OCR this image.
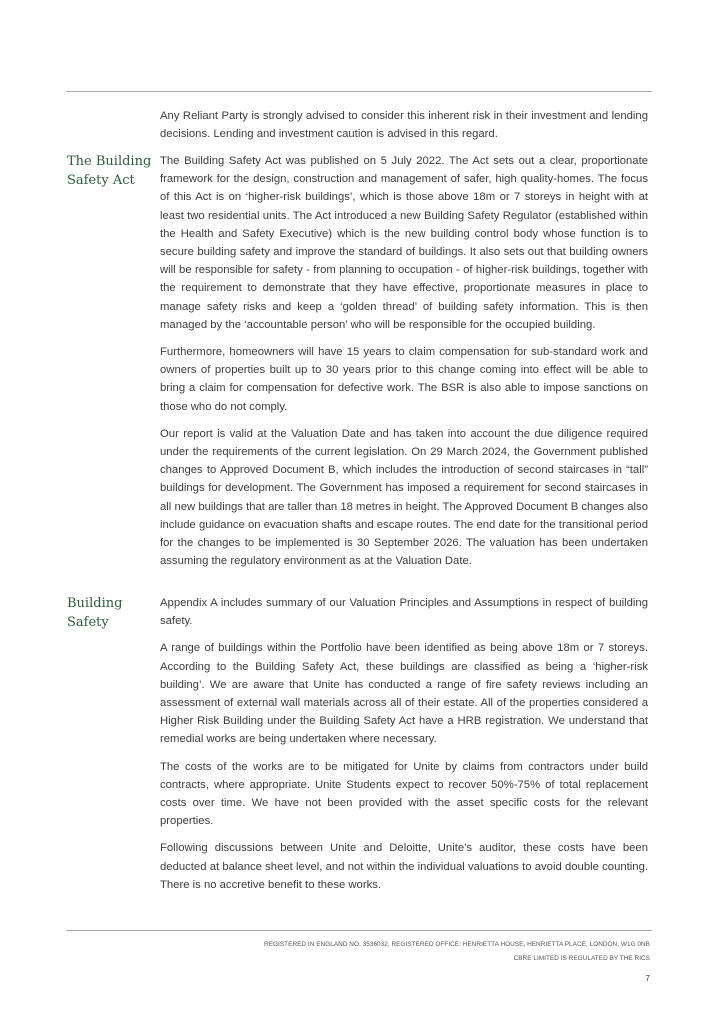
Any Reliant Party is strongly advised to consider this inherent risk in their investment and lending decisions. Lending and investment caution is advised in this regard.

The Building Safety Act

The Building Safety Act was published on 5 July 2022. The Act sets out a clear, proportionate framework for the design, construction and management of safer, high quality-homes. The focus of this Act is on ‘higher-risk buildings’, which is those above 18m or 7 storeys in height with at least two residential units. The Act introduced a new Building Safety Regulator (established within the Health and Safety Executive) which is the new building control body whose function is to secure building safety and improve the standard of buildings. It also sets out that building owners will be responsible for safety - from planning to occupation - of higher-risk buildings, together with the requirement to demonstrate that they have effective, proportionate measures in place to manage safety risks and keep a ‘golden thread’ of building safety information. This is then managed by the ‘accountable person’ who will be responsible for the occupied building.

Furthermore, homeowners will have 15 years to claim compensation for sub-standard work and owners of properties built up to 30 years prior to this change coming into effect will be able to bring a claim for compensation for defective work. The BSR is also able to impose sanctions on those who do not comply.

Our report is valid at the Valuation Date and has taken into account the due diligence required under the requirements of the current legislation. On 29 March 2024, the Government published changes to Approved Document B, which includes the introduction of second staircases in “tall” buildings for development. The Government has imposed a requirement for second staircases in all new buildings that are taller than 18 metres in height. The Approved Document B changes also include guidance on evacuation shafts and escape routes. The end date for the transitional period for the changes to be implemented is 30 September 2026. The valuation has been undertaken assuming the regulatory environment as at the Valuation Date.

Building Safety

Appendix A includes summary of our Valuation Principles and Assumptions in respect of building safety.

A range of buildings within the Portfolio have been identified as being above 18m or 7 storeys. According to the Building Safety Act, these buildings are classified as being a ‘higher-risk building’. We are aware that Unite has conducted a range of fire safety reviews including an assessment of external wall materials across all of their estate. All of the properties considered a Higher Risk Building under the Building Safety Act have a HRB registration. We understand that remedial works are being undertaken where necessary.

The costs of the works are to be mitigated for Unite by claims from contractors under build contracts, where appropriate. Unite Students expect to recover 50%-75% of total replacement costs over time. We have not been provided with the asset specific costs for the relevant properties.

Following discussions between Unite and Deloitte, Unite’s auditor, these costs have been deducted at balance sheet level, and not within the individual valuations to avoid double counting. There is no accretive benefit to these works.

REGISTERED IN ENGLAND NO. 3536032, REGISTERED OFFICE: HENRIETTA HOUSE, HENRIETTA PLACE, LONDON, W1G 0NB
CBRE LIMITED IS REGULATED BY THE RICS
7
